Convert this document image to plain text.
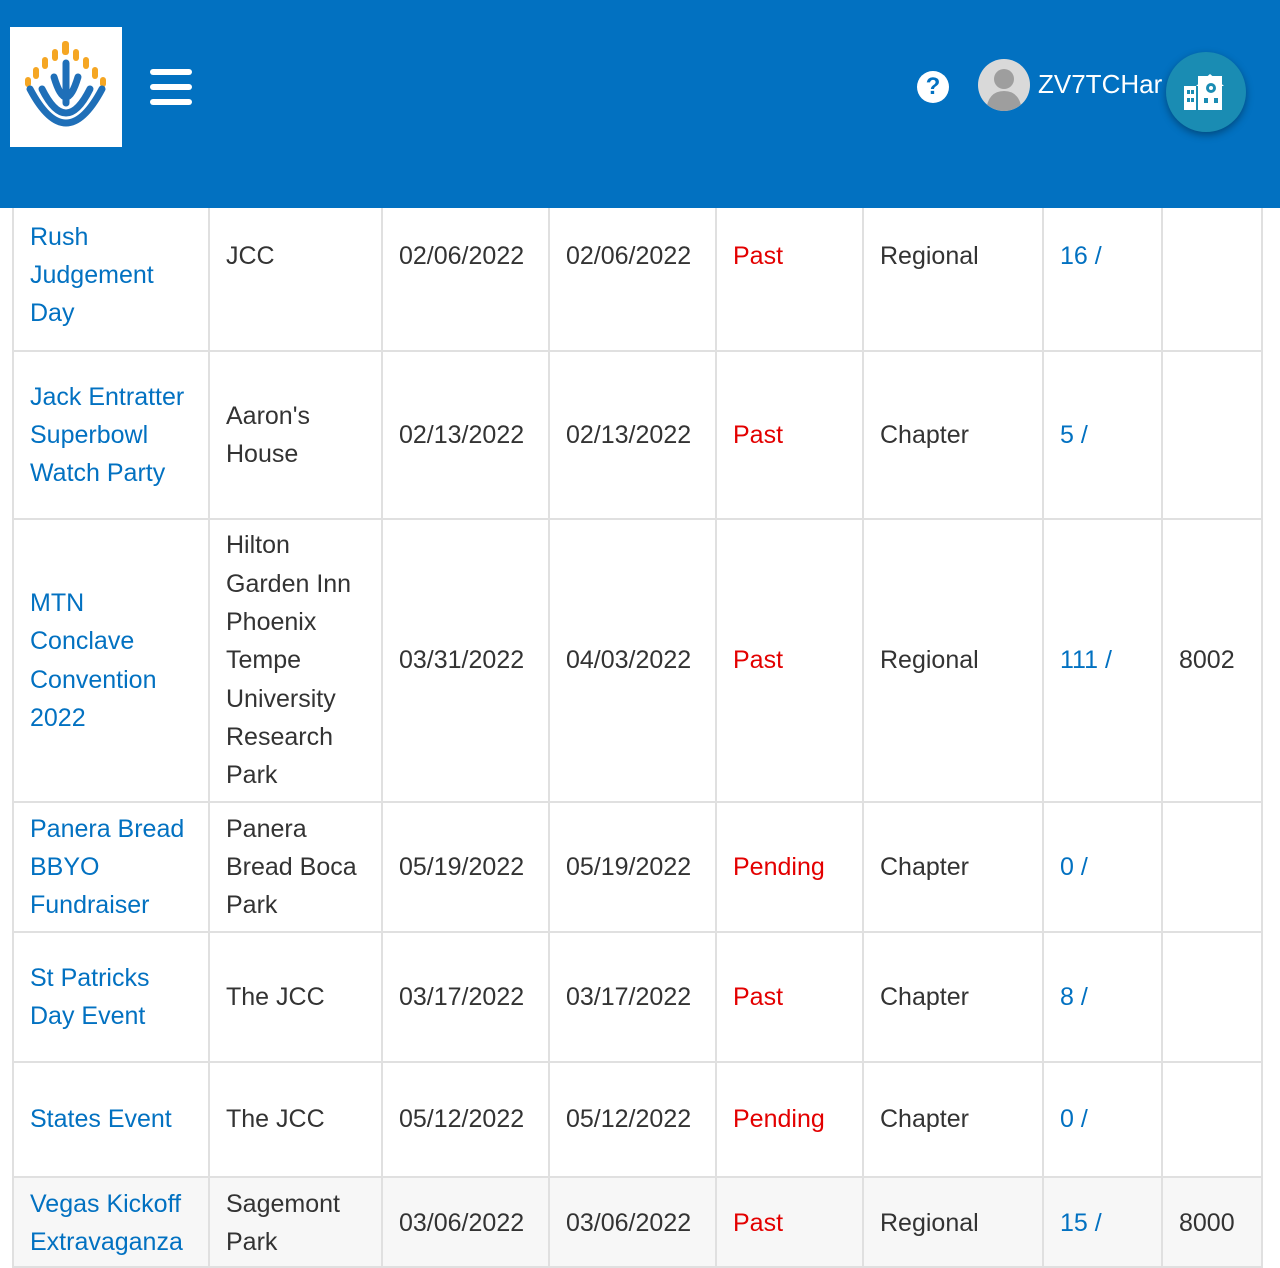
?	ZV7TCHar
Rush Judgement Day	JCC	02/06/2022	02/06/2022	Past	Regional	16 /	
Jack Entratter Superbowl Watch Party	Aaron's House	02/13/2022	02/13/2022	Past	Chapter	5 /	
MTN Conclave Convention 2022	Hilton Garden Inn Phoenix Tempe University Research Park	03/31/2022	04/03/2022	Past	Regional	111 /	8002
Panera Bread BBYO Fundraiser	Panera Bread Boca Park	05/19/2022	05/19/2022	Pending	Chapter	0 /	
St Patricks Day Event	The JCC	03/17/2022	03/17/2022	Past	Chapter	8 /	
States Event	The JCC	05/12/2022	05/12/2022	Pending	Chapter	0 /	
Vegas Kickoff Extravaganza	Sagemont Park	03/06/2022	03/06/2022	Past	Regional	15 /	8000
